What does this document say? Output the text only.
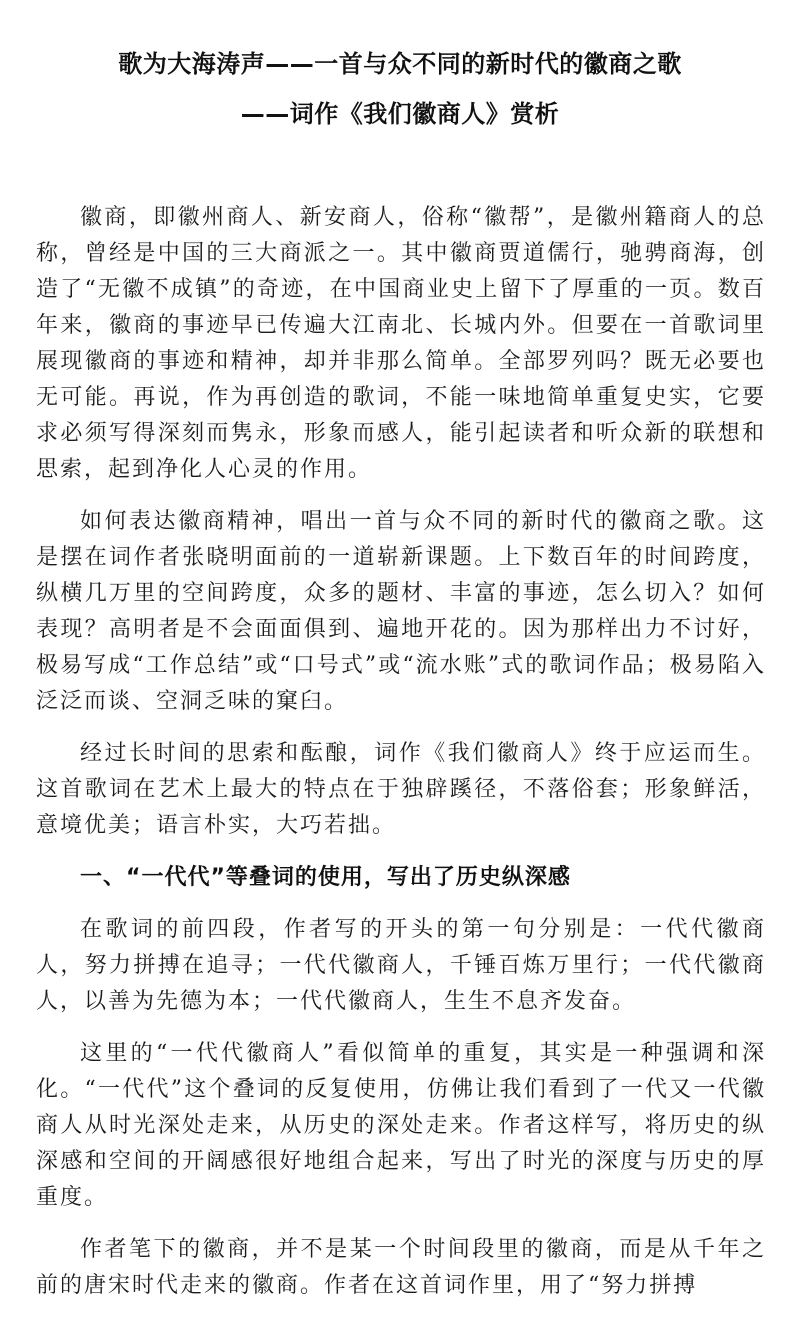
歌为大海涛声——一首与众不同的新时代的徽商之歌
——词作《我们徽商人》赏析

徽商，即徽州商人、新安商人，俗称“徽帮”，是徽州籍商人的总称，曾经是中国的三大商派之一。其中徽商贾道儒行，驰骋商海，创造了“无徽不成镇”的奇迹，在中国商业史上留下了厚重的一页。数百年来，徽商的事迹早已传遍大江南北、长城内外。但要在一首歌词里展现徽商的事迹和精神，却并非那么简单。全部罗列吗？既无必要也无可能。再说，作为再创造的歌词，不能一味地简单重复史实，它要求必须写得深刻而隽永，形象而感人，能引起读者和听众新的联想和思索，起到净化人心灵的作用。

如何表达徽商精神，唱出一首与众不同的新时代的徽商之歌。这是摆在词作者张晓明面前的一道崭新课题。上下数百年的时间跨度，纵横几万里的空间跨度，众多的题材、丰富的事迹，怎么切入？如何表现？高明者是不会面面俱到、遍地开花的。因为那样出力不讨好，极易写成“工作总结”或“口号式”或“流水账”式的歌词作品；极易陷入泛泛而谈、空洞乏味的窠臼。

经过长时间的思索和酝酿，词作《我们徽商人》终于应运而生。这首歌词在艺术上最大的特点在于独辟蹊径，不落俗套；形象鲜活，意境优美；语言朴实，大巧若拙。

一、“一代代”等叠词的使用，写出了历史纵深感

在歌词的前四段，作者写的开头的第一句分别是：一代代徽商人，努力拼搏在追寻；一代代徽商人，千锤百炼万里行；一代代徽商人，以善为先德为本；一代代徽商人，生生不息齐发奋。

这里的“一代代徽商人”看似简单的重复，其实是一种强调和深化。“一代代”这个叠词的反复使用，仿佛让我们看到了一代又一代徽商人从时光深处走来，从历史的深处走来。作者这样写，将历史的纵深感和空间的开阔感很好地组合起来，写出了时光的深度与历史的厚重度。

作者笔下的徽商，并不是某一个时间段里的徽商，而是从千年之前的唐宋时代走来的徽商。作者在这首词作里，用了“努力拼搏
